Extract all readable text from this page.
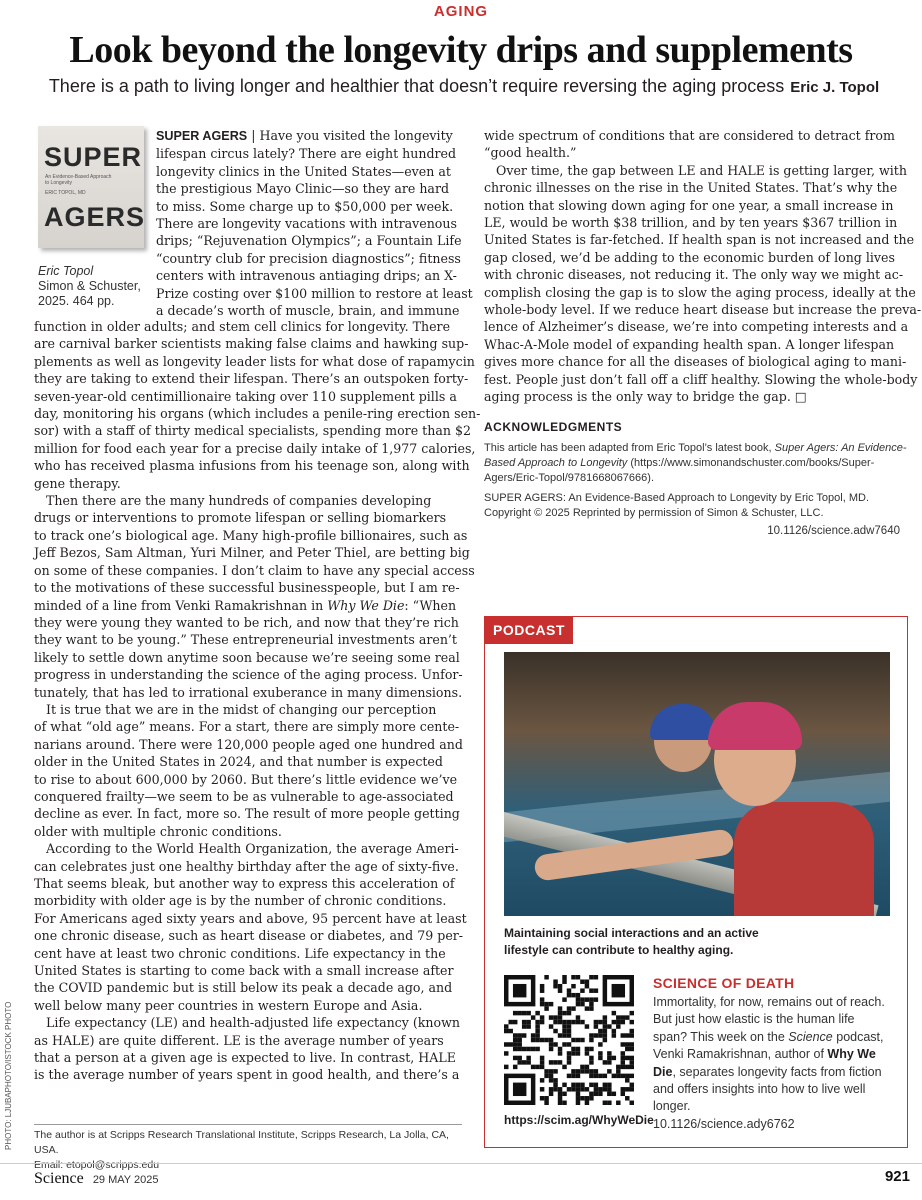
AGING
Look beyond the longevity drips and supplements
There is a path to living longer and healthier that doesn’t require reversing the aging process Eric J. Topol
SUPER
An Evidence-Based Approach to Longevity
ERIC TOPOL, MD
AGERS
Eric Topol
Simon & Schuster,
2025. 464 pp.
SUPER AGERS | Have you visited the longevity
lifespan circus lately? There are eight hundred
longevity clinics in the United States—even at
the prestigious Mayo Clinic—so they are hard
to miss. Some charge up to $50,000 per week.
There are longevity vacations with intravenous
drips; “Rejuvenation Olympics”; a Fountain Life
“country club for precision diagnostics”; fitness
centers with intravenous antiaging drips; an X-
Prize costing over $100 million to restore at least
a decade’s worth of muscle, brain, and immune
function in older adults; and stem cell clinics for longevity. There
are carnival barker scientists making false claims and hawking sup-
plements as well as longevity leader lists for what dose of rapamycin
they are taking to extend their lifespan. There’s an outspoken forty-
seven-year-old centimillionaire taking over 110 supplement pills a
day, monitoring his organs (which includes a penile-ring erection sen-
sor) with a staff of thirty medical specialists, spending more than $2
million for food each year for a precise daily intake of 1,977 calories,
who has received plasma infusions from his teenage son, along with
gene therapy.
Then there are the many hundreds of companies developing
drugs or interventions to promote lifespan or selling biomarkers
to track one’s biological age. Many high-profile billionaires, such as
Jeff Bezos, Sam Altman, Yuri Milner, and Peter Thiel, are betting big
on some of these companies. I don’t claim to have any special access
to the motivations of these successful businesspeople, but I am re-
minded of a line from Venki Ramakrishnan in Why We Die: “When
they were young they wanted to be rich, and now that they’re rich
they want to be young.” These entrepreneurial investments aren’t
likely to settle down anytime soon because we’re seeing some real
progress in understanding the science of the aging process. Unfor-
tunately, that has led to irrational exuberance in many dimensions.
It is true that we are in the midst of changing our perception
of what “old age” means. For a start, there are simply more cente-
narians around. There were 120,000 people aged one hundred and
older in the United States in 2024, and that number is expected
to rise to about 600,000 by 2060. But there’s little evidence we’ve
conquered frailty—we seem to be as vulnerable to age-associated
decline as ever. In fact, more so. The result of more people getting
older with multiple chronic conditions.
According to the World Health Organization, the average Ameri-
can celebrates just one healthy birthday after the age of sixty-five.
That seems bleak, but another way to express this acceleration of
morbidity with older age is by the number of chronic conditions.
For Americans aged sixty years and above, 95 percent have at least
one chronic disease, such as heart disease or diabetes, and 79 per-
cent have at least two chronic conditions. Life expectancy in the
United States is starting to come back with a small increase after
the COVID pandemic but is still below its peak a decade ago, and
well below many peer countries in western Europe and Asia.
Life expectancy (LE) and health-adjusted life expectancy (known
as HALE) are quite different. LE is the average number of years
that a person at a given age is expected to live. In contrast, HALE
is the average number of years spent in good health, and there’s a
wide spectrum of conditions that are considered to detract from
“good health.”
Over time, the gap between LE and HALE is getting larger, with
chronic illnesses on the rise in the United States. That’s why the
notion that slowing down aging for one year, a small increase in
LE, would be worth $38 trillion, and by ten years $367 trillion in
United States is far-fetched. If health span is not increased and the
gap closed, we’d be adding to the economic burden of long lives
with chronic diseases, not reducing it. The only way we might ac-
complish closing the gap is to slow the aging process, ideally at the
whole-body level. If we reduce heart disease but increase the preva-
lence of Alzheimer’s disease, we’re into competing interests and a
Whac-A-Mole model of expanding health span. A longer lifespan
gives more chance for all the diseases of biological aging to mani-
fest. People just don’t fall off a cliff healthy. Slowing the whole-body
aging process is the only way to bridge the gap. □
ACKNOWLEDGMENTS
This article has been adapted from Eric Topol’s latest book, Super Agers: An Evidence-Based Approach to Longevity (https://www.simonandschuster.com/books/Super-Agers/Eric-Topol/9781668067666).
SUPER AGERS: An Evidence-Based Approach to Longevity by Eric Topol, MD. Copyright © 2025 Reprinted by permission of Simon & Schuster, LLC.
10.1126/science.adw7640
PODCAST
Maintaining social interactions and an active lifestyle can contribute to healthy aging.
https://scim.ag/WhyWeDie
SCIENCE OF DEATH
Immortality, for now, remains out of reach. But just how elastic is the human life span? This week on the Science podcast, Venki Ramakrishnan, author of Why We Die, separates longevity facts from fiction and offers insights into how to live well longer.
10.1126/science.ady6762
The author is at Scripps Research Translational Institute, Scripps Research, La Jolla, CA, USA.
Email: etopol@scripps.edu
PHOTO: LJUBAPHOTO/ISTOCK PHOTO
Science 29 MAY 2025	921
